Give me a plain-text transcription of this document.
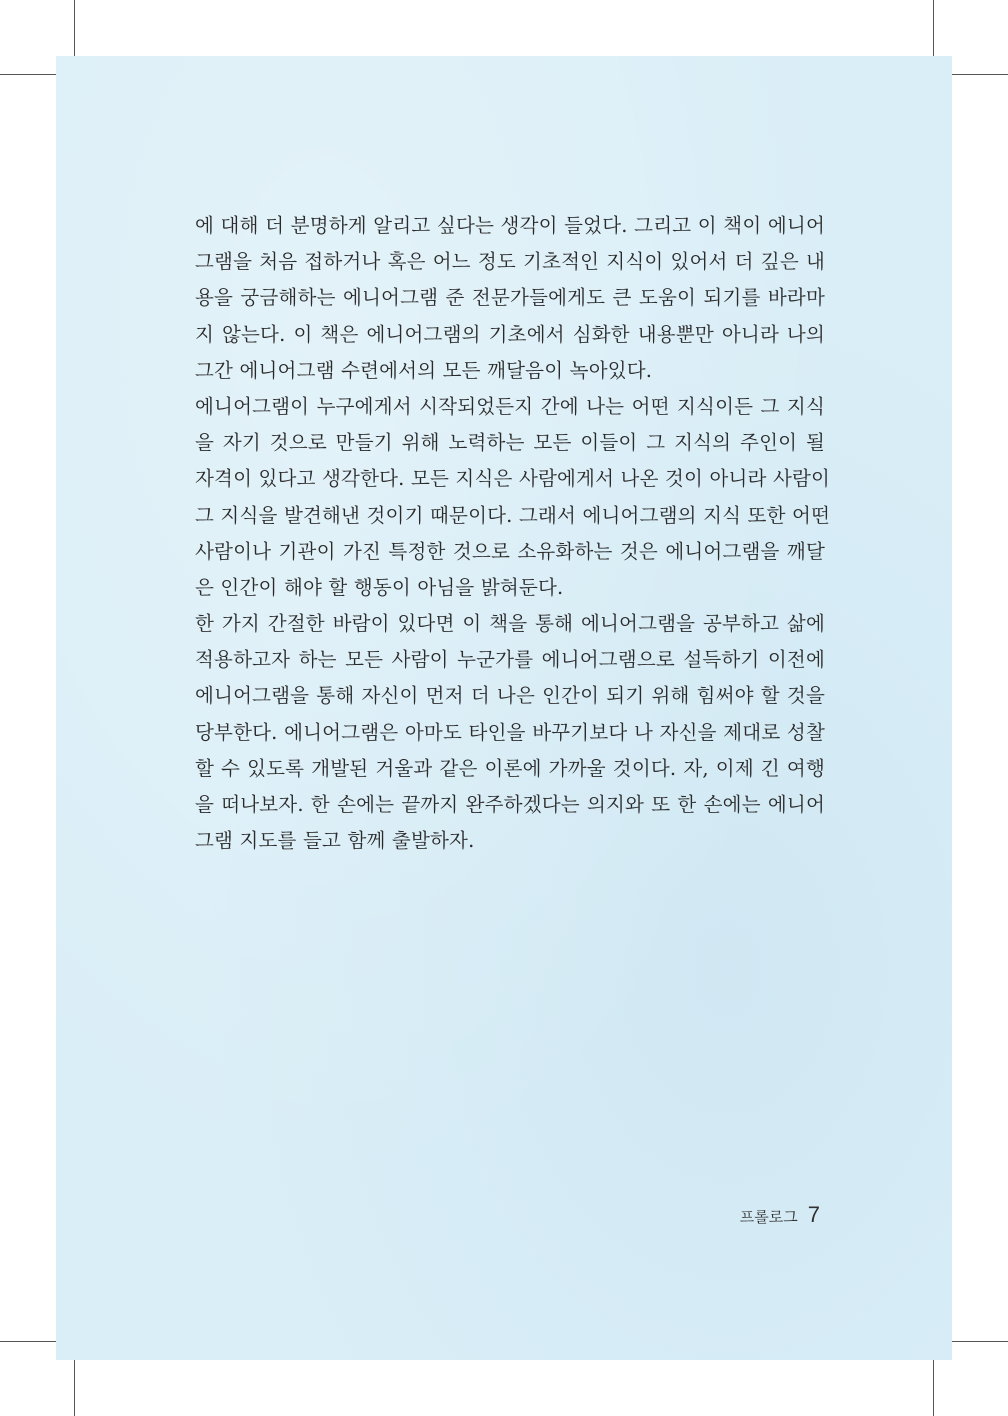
에 대해 더 분명하게 알리고 싶다는 생각이 들었다. 그리고 이 책이 에니어
그램을 처음 접하거나 혹은 어느 정도 기초적인 지식이 있어서 더 깊은 내
용을 궁금해하는 에니어그램 준 전문가들에게도 큰 도움이 되기를 바라마
지 않는다. 이 책은 에니어그램의 기초에서 심화한 내용뿐만 아니라 나의
그간 에니어그램 수련에서의 모든 깨달음이 녹아있다.
에니어그램이 누구에게서 시작되었든지 간에 나는 어떤 지식이든 그 지식
을 자기 것으로 만들기 위해 노력하는 모든 이들이 그 지식의 주인이 될
자격이 있다고 생각한다. 모든 지식은 사람에게서 나온 것이 아니라 사람이
그 지식을 발견해낸 것이기 때문이다. 그래서 에니어그램의 지식 또한 어떤
사람이나 기관이 가진 특정한 것으로 소유화하는 것은 에니어그램을 깨달
은 인간이 해야 할 행동이 아님을 밝혀둔다.
한 가지 간절한 바람이 있다면 이 책을 통해 에니어그램을 공부하고 삶에
적용하고자 하는 모든 사람이 누군가를 에니어그램으로 설득하기 이전에
에니어그램을 통해 자신이 먼저 더 나은 인간이 되기 위해 힘써야 할 것을
당부한다. 에니어그램은 아마도 타인을 바꾸기보다 나 자신을 제대로 성찰
할 수 있도록 개발된 거울과 같은 이론에 가까울 것이다. 자, 이제 긴 여행
을 떠나보자. 한 손에는 끝까지 완주하겠다는 의지와 또 한 손에는 에니어
그램 지도를 들고 함께 출발하자.
프롤로그 7
